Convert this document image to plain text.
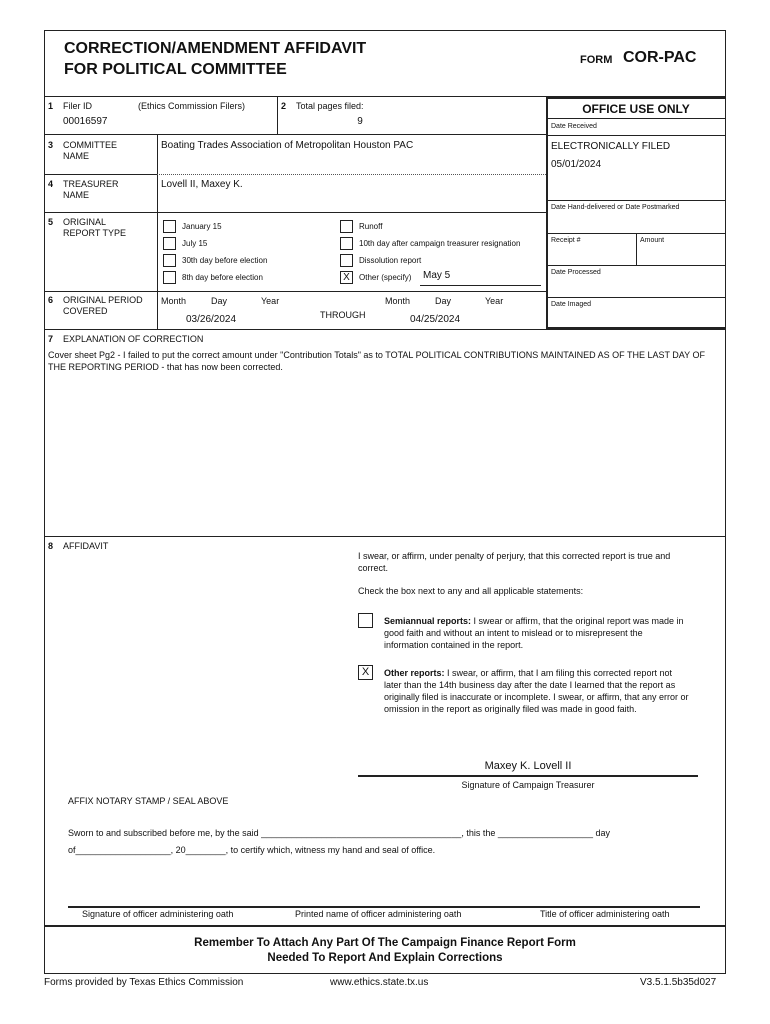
CORRECTION/AMENDMENT AFFIDAVIT
FOR POLITICAL COMMITTEE
FORM COR-PAC
OFFICE USE ONLY
Date Received
ELECTRONICALLY FILED
05/01/2024
Date Hand-delivered or Date Postmarked
Receipt #	Amount
Date Processed
Date Imaged
1 Filer ID	(Ethics Commission Filers)
00016597
2 Total pages filed:
9
3 COMMITTEE
NAME
Boating Trades Association of Metropolitan Houston PAC
4 TREASURER
NAME
Lovell II, Maxey K.
5 ORIGINAL
REPORT TYPE
January 15
July 15
30th day before election
8th day before election
Runoff
10th day after campaign treasurer resignation
Dissolution report
X	Other (specify) May 5
6 ORIGINAL PERIOD
COVERED
Month	Day	Year
03/26/2024	THROUGH
Month	Day	Year
04/25/2024
7 EXPLANATION OF CORRECTION
Cover sheet Pg2 - I failed to put the correct amount under "Contribution Totals" as to TOTAL POLITICAL CONTRIBUTIONS MAINTAINED AS OF THE LAST DAY OF THE REPORTING PERIOD - that has now been corrected.
8 AFFIDAVIT
I swear, or affirm, under penalty of perjury, that this corrected report is true and correct.
Check the box next to any and all applicable statements:
Semiannual reports: I swear or affirm, that the original report was made in good faith and without an intent to mislead or to misrepresent the information contained in the report.
X	Other reports: I swear, or affirm, that I am filing this corrected report not later than the 14th business day after the date I learned that the report as originally filed is inaccurate or incomplete. I swear, or affirm, that any error or omission in the report as originally filed was made in good faith.
Maxey K. Lovell II
Signature of Campaign Treasurer
AFFIX NOTARY STAMP / SEAL ABOVE
Sworn to and subscribed before me, by the said ________________________________________, this the ___________________ day
of___________________, 20________, to certify which, witness my hand and seal of office.
Signature of officer administering oath	Printed name of officer administering oath	Title of officer administering oath
Remember To Attach Any Part Of The Campaign Finance Report Form
Needed To Report And Explain Corrections
Forms provided by Texas Ethics Commission	www.ethics.state.tx.us	V3.5.1.5b35d027
